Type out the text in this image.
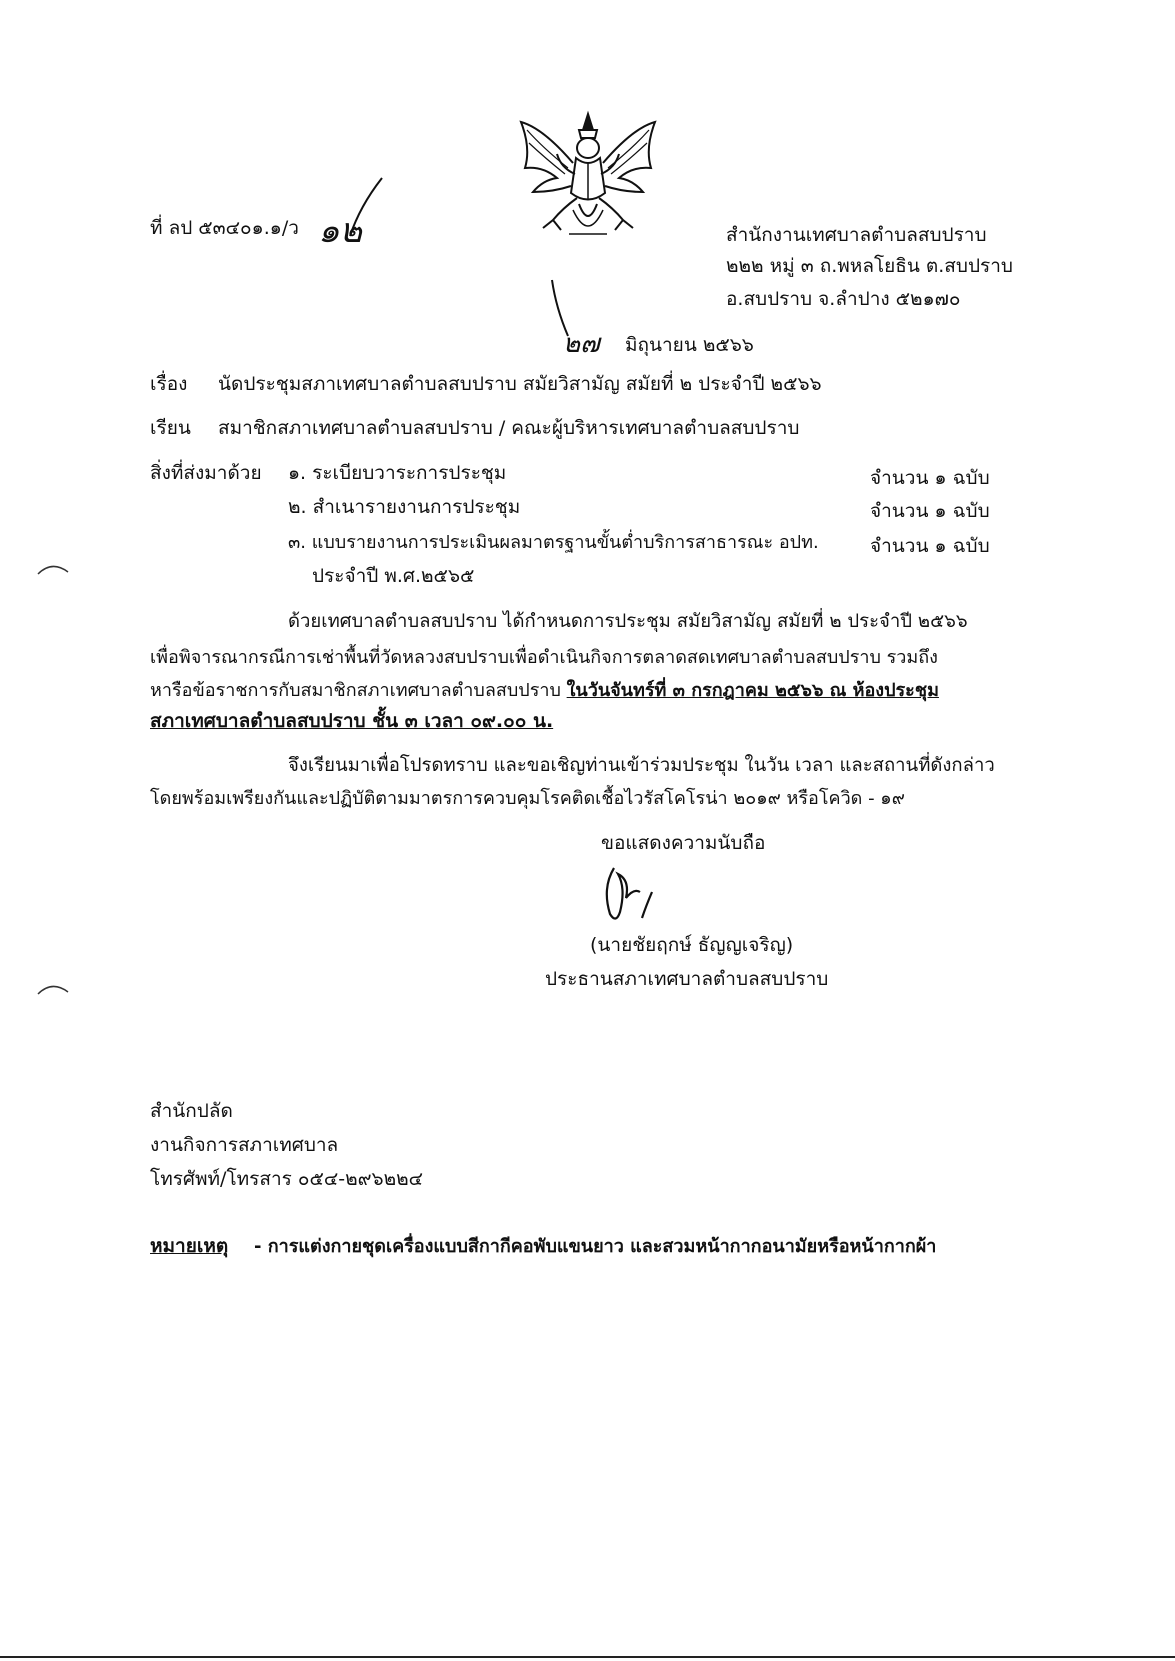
ที่ ลป ๕๓๔๐๑.๑/ว ๑๒	สำนักงานเทศบาลตำบลสบปราบ
๒๒๒ หมู่ ๓ ถ.พหลโยธิน ต.สบปราบ
อ.สบปราบ จ.ลำปาง ๕๒๑๗๐
๒๗ มิถุนายน ๒๕๖๖
เรื่อง นัดประชุมสภาเทศบาลตำบลสบปราบ สมัยวิสามัญ สมัยที่ ๒ ประจำปี ๒๕๖๖
เรียน สมาชิกสภาเทศบาลตำบลสบปราบ / คณะผู้บริหารเทศบาลตำบลสบปราบ
สิ่งที่ส่งมาด้วย ๑. ระเบียบวาระการประชุม	จำนวน ๑ ฉบับ
๒. สำเนารายงานการประชุม	จำนวน ๑ ฉบับ
๓. แบบรายงานการประเมินผลมาตรฐานขั้นต่ำบริการสาธารณะ อปท.	จำนวน ๑ ฉบับ
ประจำปี พ.ศ.๒๕๖๕
ด้วยเทศบาลตำบลสบปราบ ได้กำหนดการประชุม สมัยวิสามัญ สมัยที่ ๒ ประจำปี ๒๕๖๖
เพื่อพิจารณากรณีการเช่าพื้นที่วัดหลวงสบปราบเพื่อดำเนินกิจการตลาดสดเทศบาลตำบลสบปราบ รวมถึง
หารือข้อราชการกับสมาชิกสภาเทศบาลตำบลสบปราบ ในวันจันทร์ที่ ๓ กรกฎาคม ๒๕๖๖ ณ ห้องประชุม
สภาเทศบาลตำบลสบปราบ ชั้น ๓ เวลา ๐๙.๐๐ น.
จึงเรียนมาเพื่อโปรดทราบ และขอเชิญท่านเข้าร่วมประชุม ในวัน เวลา และสถานที่ดังกล่าว
โดยพร้อมเพรียงกันและปฏิบัติตามมาตรการควบคุมโรคติดเชื้อไวรัสโคโรน่า ๒๐๑๙ หรือโควิด - ๑๙
ขอแสดงความนับถือ
(นายชัยฤกษ์ ธัญญเจริญ)
ประธานสภาเทศบาลตำบลสบปราบ
สำนักปลัด
งานกิจการสภาเทศบาล
โทรศัพท์/โทรสาร ๐๕๔-๒๙๖๒๒๔
หมายเหตุ - การแต่งกายชุดเครื่องแบบสีกากีคอพับแขนยาว และสวมหน้ากากอนามัยหรือหน้ากากผ้า
